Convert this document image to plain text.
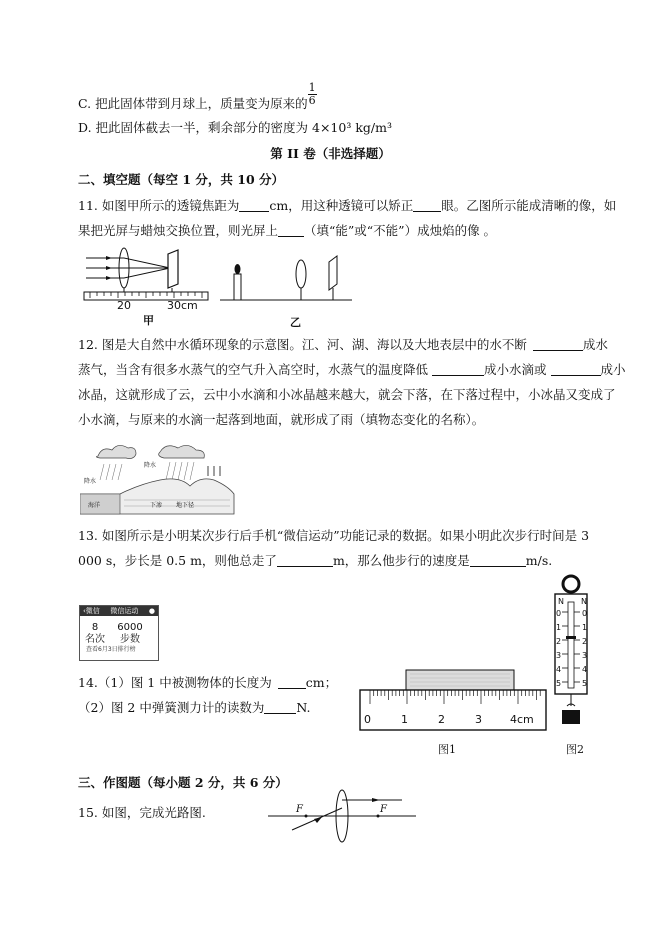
C. 把此固体带到月球上，质量变为原来的 $\frac{1}{6}$
D. 把此固体截去一半，剩余部分的密度为 4×10³ kg/m³
第 II 卷（非选择题）
二、填空题（每空 1 分，共 10 分）
11. 如图甲所示的透镜焦距为 cm，用这种透镜可以矫正 眼。乙图所示能成清晰的像，如
果把光屏与蜡烛交换位置，则光屏上 （填“能”或“不能”）成烛焰的像 。
20	30cm
甲	乙
12. 图是大自然中水循环现象的示意图。江、河、湖、海以及大地表层中的水不断	成水
蒸气，当含有很多水蒸气的空气升入高空时，水蒸气的温度降低	成小水滴或	成小
冰晶，这就形成了云，云中小水滴和小冰晶越来越大，就会下落，在下落过程中，小冰晶又变成了
小水滴，与原来的水滴一起落到地面，就形成了雨（填物态变化的名称）。
降水
降水
海洋	下渗 地下径
13. 如图所示是小明某次步行后手机“微信运动”功能记录的数据。如果小明此次步行时间是 3
000 s，步长是 0.5 m，则他总走了	m，那么他步行的速度是	m/s.
‹微信 微信运动 ●
8	6000
名次	步数
查看6月3日排行榜
N N
0
1
2
3
4
5
0
1
2
3
4
5
0	1	2	3	4cm
图1	图2
14.（1）图 1 中被测物体的长度为	cm；
（2）图 2 中弹簧测力计的读数为	N.
三、作图题（每小题 2 分，共 6 分）
15. 如图，完成光路图.	F	F
